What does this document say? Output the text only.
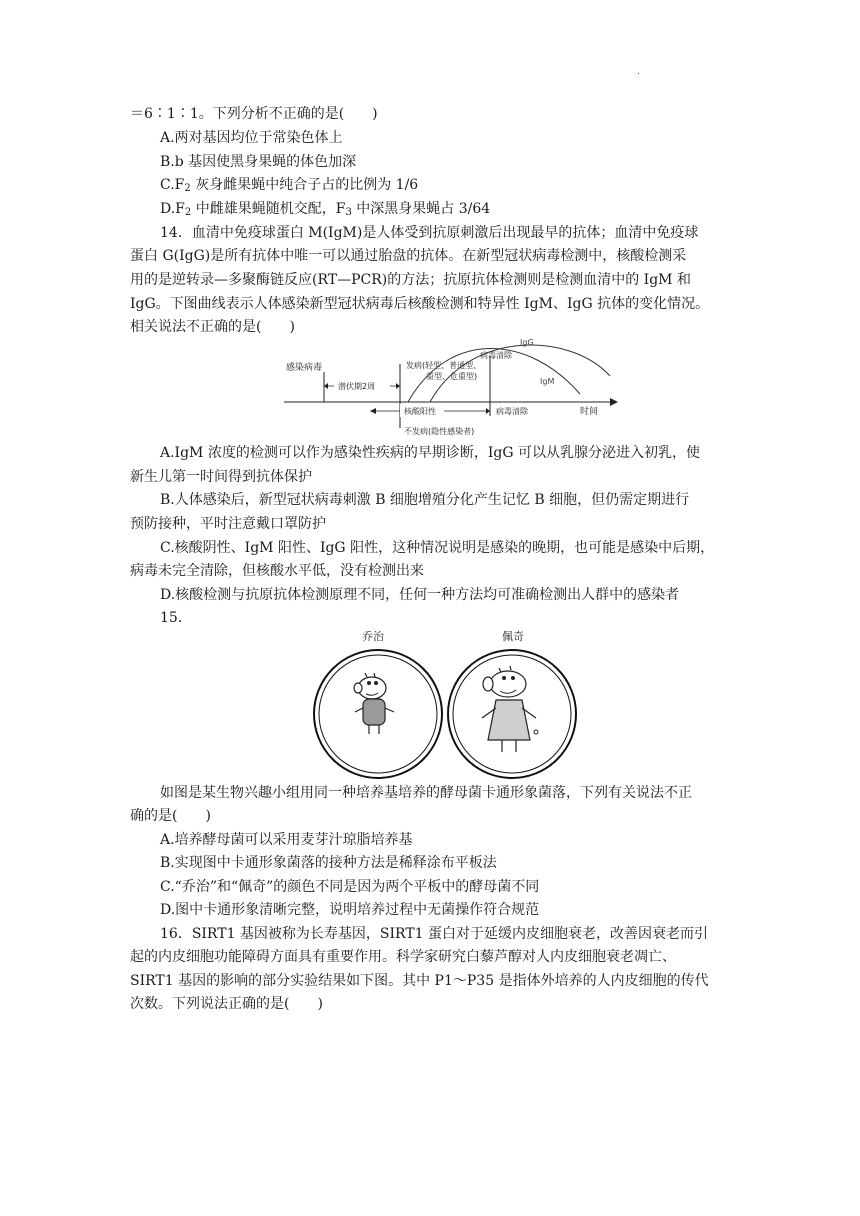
.
＝6∶1∶1。下列分析不正确的是(　　)
A.两对基因均位于常染色体上
B.b 基因使黑身果蝇的体色加深
$C.F_2$ 灰身雌果蝇中纯合子占的比例为 1/6
$D.F_2$ 中雌雄果蝇随机交配，$F_3$ 中深黑身果蝇占 3/64
14．血清中免疫球蛋白 M(IgM)是人体受到抗原刺激后出现最早的抗体；血清中免疫球
蛋白 G(IgG)是所有抗体中唯一可以通过胎盘的抗体。在新型冠状病毒检测中，核酸检测采
用的是逆转录—多聚酶链反应(RT—PCR)的方法；抗原抗体检测则是检测血清中的 IgM 和
IgG。下图曲线表示人体感染新型冠状病毒后核酸检测和特异性 IgM、IgG 抗体的变化情况。
相关说法不正确的是(　　)
感染病毒
潜伏期2周
发病(轻型、普通型、
重型、危重型)
病毒清除
IgG
IgM
核酸阳性	病毒清除	时间
不发病(隐性感染者)
A.IgM 浓度的检测可以作为感染性疾病的早期诊断，IgG 可以从乳腺分泌进入初乳，使
新生儿第一时间得到抗体保护
B.人体感染后，新型冠状病毒刺激 B 细胞增殖分化产生记忆 B 细胞，但仍需定期进行
预防接种，平时注意戴口罩防护
C.核酸阴性、IgM 阳性、IgG 阳性，这种情况说明是感染的晚期，也可能是感染中后期，
病毒未完全清除，但核酸水平低，没有检测出来
D.核酸检测与抗原抗体检测原理不同，任何一种方法均可准确检测出人群中的感染者
15．
乔治	佩奇
如图是某生物兴趣小组用同一种培养基培养的酵母菌卡通形象菌落，下列有关说法不正
确的是(　　)
A.培养酵母菌可以采用麦芽汁琼脂培养基
B.实现图中卡通形象菌落的接种方法是稀释涂布平板法
C.“乔治”和“佩奇”的颜色不同是因为两个平板中的酵母菌不同
D.图中卡通形象清晰完整，说明培养过程中无菌操作符合规范
16．SIRT1 基因被称为长寿基因，SIRT1 蛋白对于延缓内皮细胞衰老，改善因衰老而引
起的内皮细胞功能障碍方面具有重要作用。科学家研究白藜芦醇对人内皮细胞衰老凋亡、
SIRT1 基因的影响的部分实验结果如下图。其中 P1～P35 是指体外培养的人内皮细胞的传代
次数。下列说法正确的是(　　)
